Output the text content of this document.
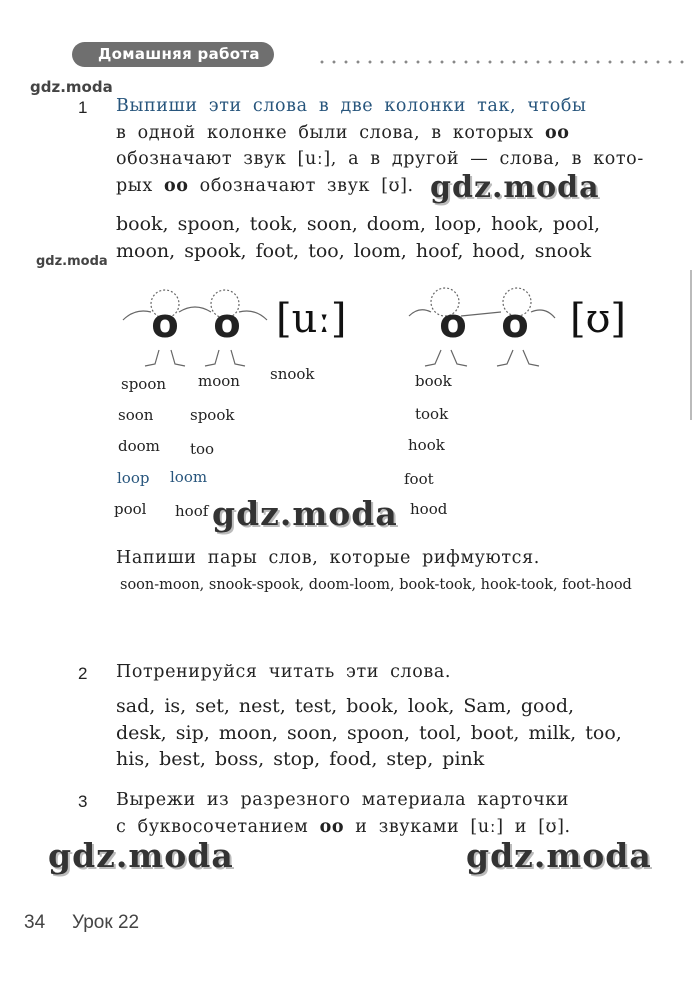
Домашняя работа
gdz.moda
gdz.moda
1 Выпиши эти слова в две колонки так, чтобы
в одной колонке были слова, в которых оо
обозначают звук [uː], а в другой — слова, в кото-
рых оо обозначают звук [ʊ]. gdz.moda
book, spoon, took, soon, doom, loop, hook, pool,
moon, spook, foot, too, loom, hoof, hood, snook
o o [uː] o o [ʊ]
spoon
soon
doom
loop
pool
moon
spook
too
loom
hoof
snook	book
took
hook
foot
hood
gdz.moda
Напиши пары слов, которые рифмуются.
soon-moon, snook-spook, doom-loom, book-took, hook-took, foot-hood
2 Потренируйся читать эти слова.
sad, is, set, nest, test, book, look, Sam, good,
desk, sip, moon, soon, spoon, tool, boot, milk, too,
his, best, boss, stop, food, step, pink
3 Вырежи из разрезного материала карточки
с буквосочетанием оо и звуками [uː] и [ʊ].
gdz.moda	gdz.moda
34 Урок 22
